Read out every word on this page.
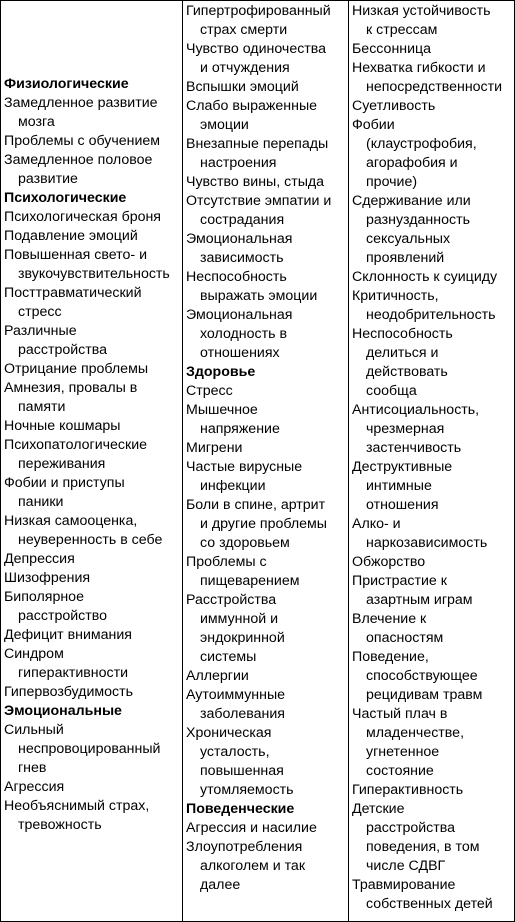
Физиологические
Замедленное развитие
мозга
Проблемы с обучением
Замедленное половое
развитие
Психологические
Психологическая броня
Подавление эмоций
Повышенная свето- и
звукочувствительность
Посттравматический
стресс
Различные
расстройства
Отрицание проблемы
Амнезия, провалы в
памяти
Ночные кошмары
Психопатологические
переживания
Фобии и приступы
паники
Низкая самооценка,
неуверенность в себе
Депрессия
Шизофрения
Биполярное
расстройство
Дефицит внимания
Синдром
гиперактивности
Гипервозбудимость
Эмоциональные
Сильный
неспровоцированный
гнев
Агрессия
Необъяснимый страх,
тревожность
Гипертрофированный
страх смерти
Чувство одиночества
и отчуждения
Вспышки эмоций
Слабо выраженные
эмоции
Внезапные перепады
настроения
Чувство вины, стыда
Отсутствие эмпатии и
сострадания
Эмоциональная
зависимость
Неспособность
выражать эмоции
Эмоциональная
холодность в
отношениях
Здоровье
Стресс
Мышечное
напряжение
Мигрени
Частые вирусные
инфекции
Боли в спине, артрит
и другие проблемы
со здоровьем
Проблемы с
пищеварением
Расстройства
иммунной и
эндокринной
системы
Аллергии
Аутоиммунные
заболевания
Хроническая
усталость,
повышенная
утомляемость
Поведенческие
Агрессия и насилие
Злоупотребления
алкоголем и так
далее
Низкая устойчивость
к стрессам
Бессонница
Нехватка гибкости и
непосредственности
Суетливость
Фобии
(клаустрофобия,
агорафобия и
прочие)
Сдерживание или
разнузданность
сексуальных
проявлений
Склонность к суициду
Критичность,
неодобрительность
Неспособность
делиться и
действовать
сообща
Антисоциальность,
чрезмерная
застенчивость
Деструктивные
интимные
отношения
Алко- и
наркозависимость
Обжорство
Пристрастие к
азартным играм
Влечение к
опасностям
Поведение,
способствующее
рецидивам травм
Частый плач в
младенчестве,
угнетенное
состояние
Гиперактивность
Детские
расстройства
поведения, в том
числе СДВГ
Травмирование
собственных детей
